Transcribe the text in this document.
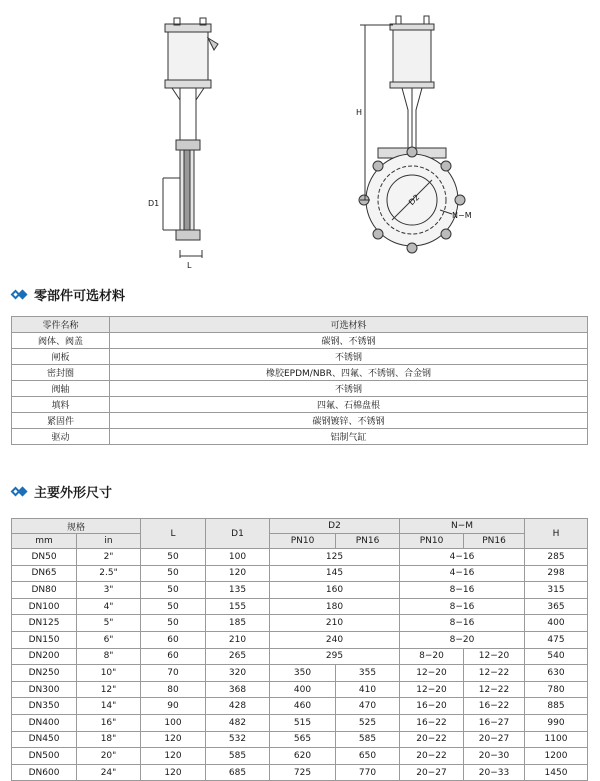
H
D1
L
D2
N−M
零部件可选材料
零件名称	可选材料
阀体、阀盖	碳钢、不锈钢
闸板	不锈钢
密封圈	橡胶EPDM/NBR、四氟、不锈钢、合金钢
阀轴	不锈钢
填料	四氟、石棉盘根
紧固件	碳钢镀锌、不锈钢
驱动	铝制气缸
主要外形尺寸
规格		L	D1	D2		N−M		H
mm	in			PN10	PN16	PN10	PN16	
DN50	2"	50	100	125		4−16		285
DN65	2.5"	50	120	145		4−16		298
DN80	3"	50	135	160		8−16		315
DN100	4"	50	155	180		8−16		365
DN125	5"	50	185	210		8−16		400
DN150	6"	60	210	240		8−20		475
DN200	8"	60	265	295		8−20	12−20	540
DN250	10"	70	320	350	355	12−20	12−22	630
DN300	12"	80	368	400	410	12−20	12−22	780
DN350	14"	90	428	460	470	16−20	16−22	885
DN400	16"	100	482	515	525	16−22	16−27	990
DN450	18"	120	532	565	585	20−22	20−27	1100
DN500	20"	120	585	620	650	20−22	20−30	1200
DN600	24"	120	685	725	770	20−27	20−33	1450
